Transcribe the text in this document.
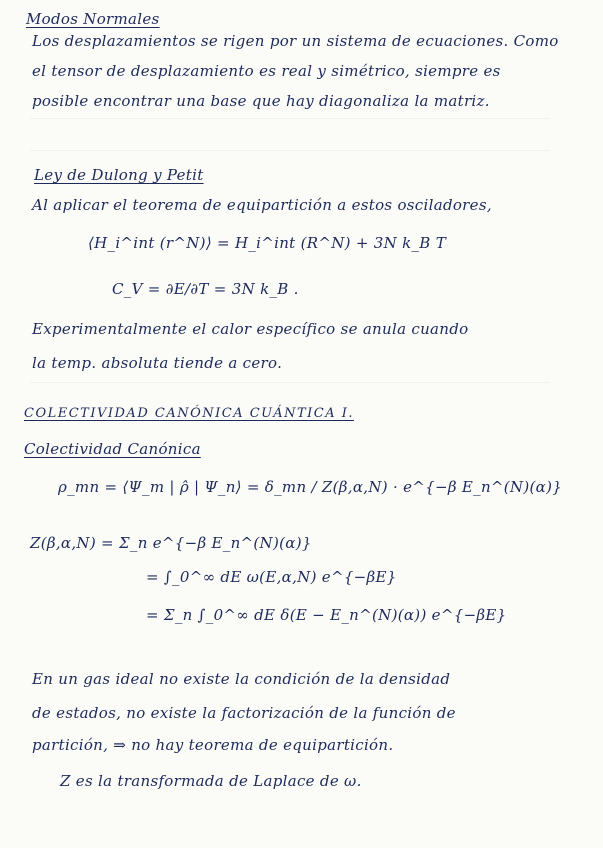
Modos Normales
Los desplazamientos se rigen por un sistema de ecuaciones. Como
el tensor de desplazamiento es real y simétrico, siempre es
posible encontrar una base que hay diagonaliza la matriz.
Ley de Dulong y Petit
Al aplicar el teorema de equipartición a estos osciladores,
⟨H_i^int (r^N)⟩ = H_i^int (R^N) + 3N k_B T
C_V = ∂E/∂T = 3N k_B .
Experimentalmente el calor específico se anula cuando
la temp. absoluta tiende a cero.
COLECTIVIDAD CANÓNICA CUÁNTICA I.
Colectividad Canónica
ρ_mn = ⟨Ψ_m | ρ̂ | Ψ_n⟩ = δ_mn / Z(β,α,N) · e^{−β E_n^(N)(α)}
Z(β,α,N) = Σ_n e^{−β E_n^(N)(α)}
= ∫_0^∞ dE ω(E,α,N) e^{−βE}
= Σ_n ∫_0^∞ dE δ(E − E_n^(N)(α)) e^{−βE}
En un gas ideal no existe la condición de la densidad
de estados, no existe la factorización de la función de
partición, ⇒ no hay teorema de equipartición.
Z es la transformada de Laplace de ω.
